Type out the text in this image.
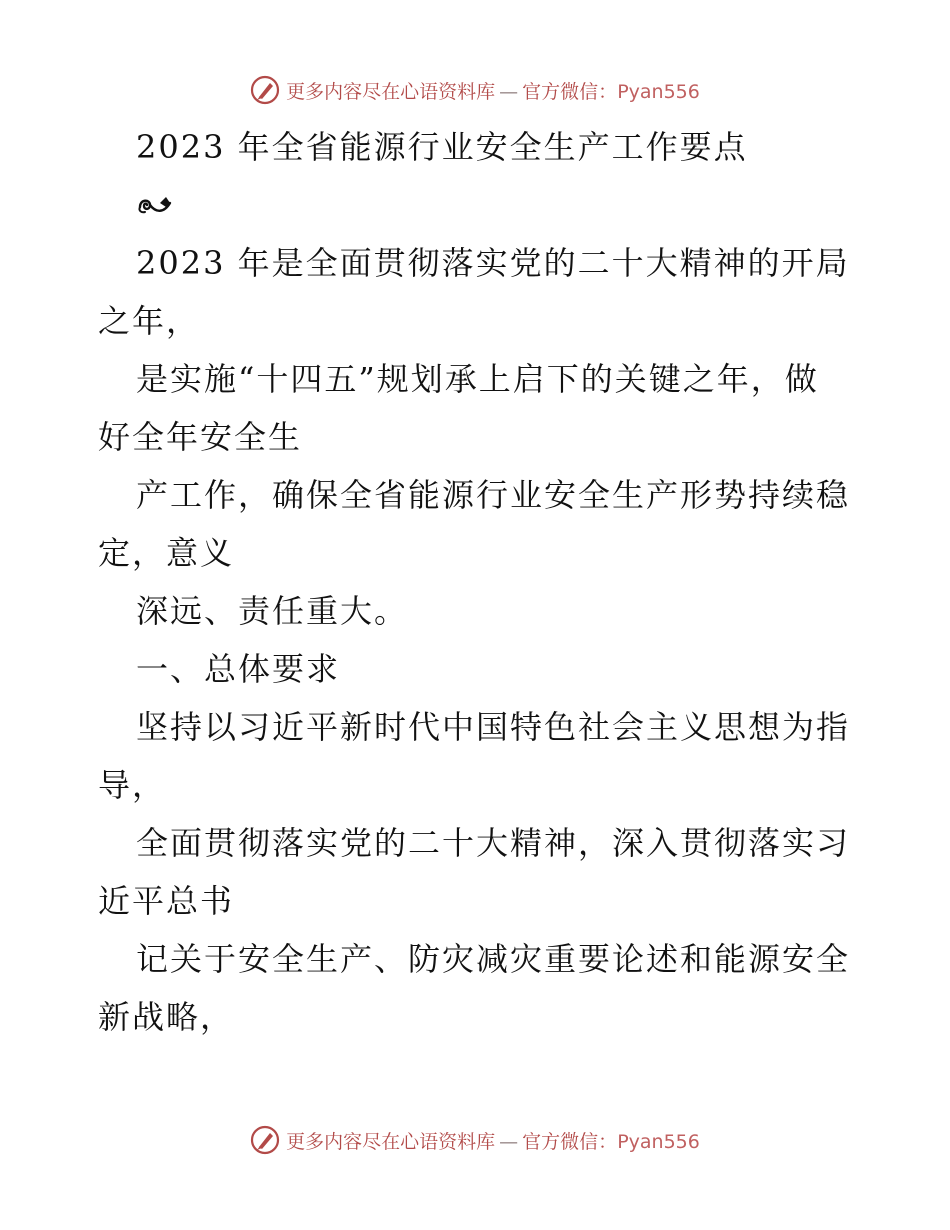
更多内容尽在心语资料库 — 官方微信：Pyan556
2023 年全省能源行业安全生产工作要点
2023 年是全面贯彻落实党的二十大精神的开局
之年，
是实施“十四五”规划承上启下的关键之年，做
好全年安全生
产工作，确保全省能源行业安全生产形势持续稳
定，意义
深远、责任重大。
一、总体要求
坚持以习近平新时代中国特色社会主义思想为指
导，
全面贯彻落实党的二十大精神，深入贯彻落实习
近平总书
记关于安全生产、防灾减灾重要论述和能源安全
新战略，
更多内容尽在心语资料库 — 官方微信：Pyan556
